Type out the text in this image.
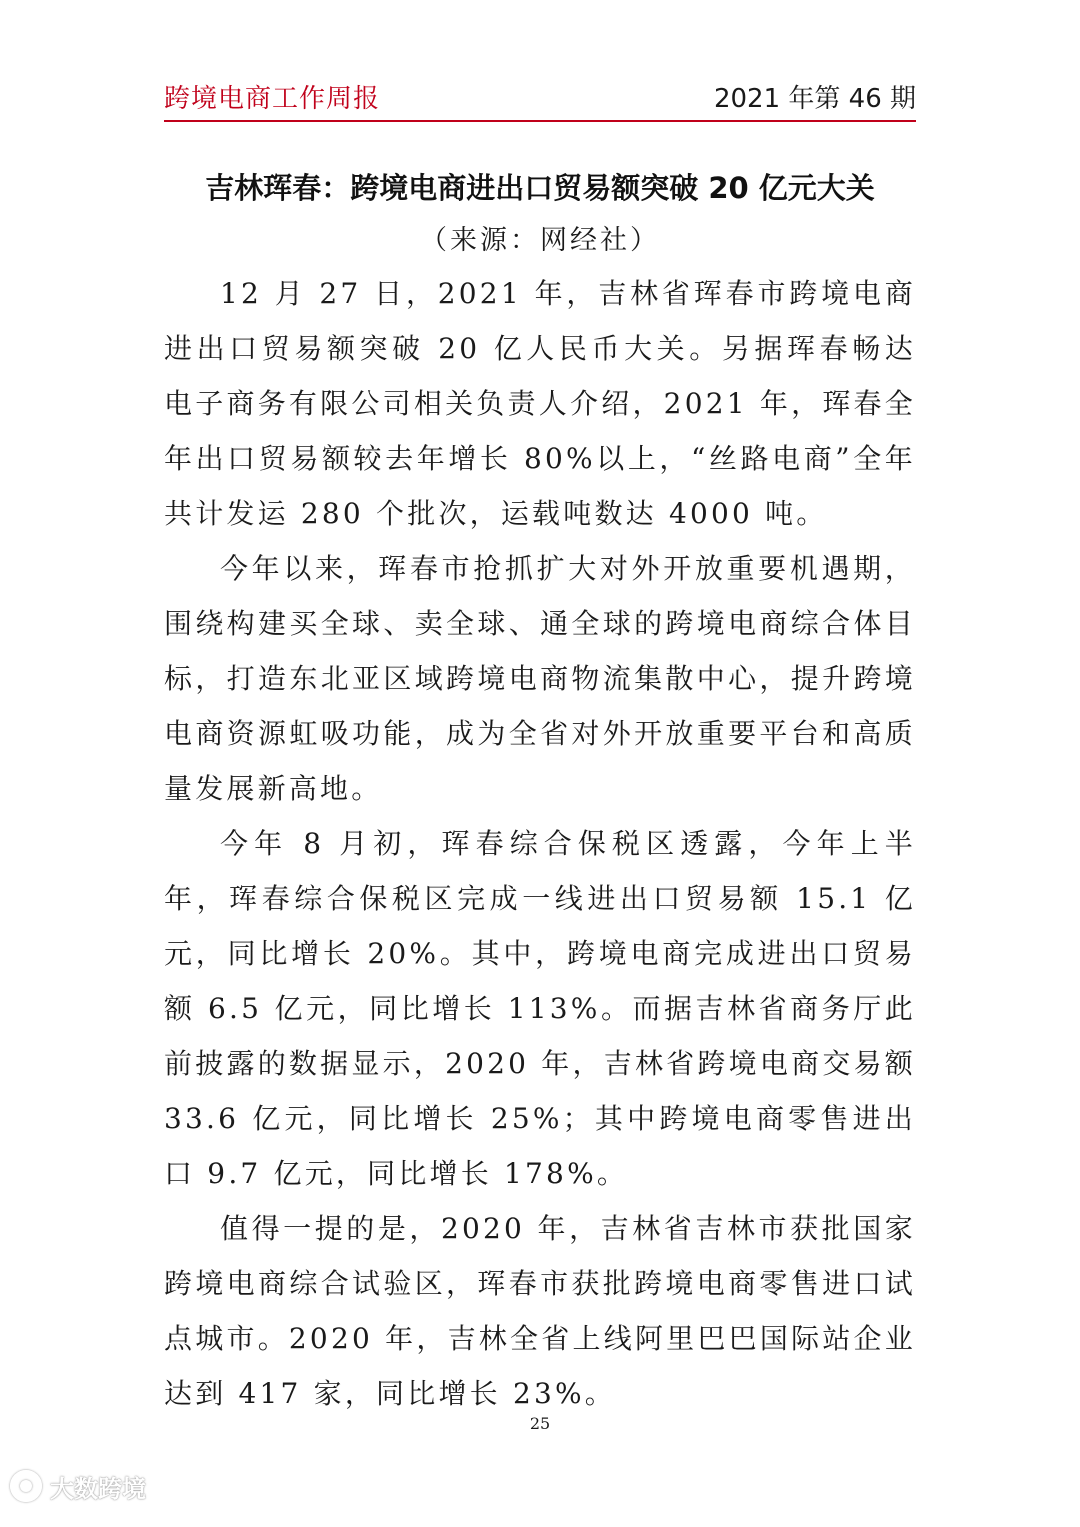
跨境电商工作周报	2021 年第 46 期
吉林珲春：跨境电商进出口贸易额突破 20 亿元大关
（来源：网经社）

12 月 27 日，2021 年，吉林省珲春市跨境电商进出口贸易额突破 20 亿人民币大关。另据珲春畅达电子商务有限公司相关负责人介绍，2021 年，珲春全年出口贸易额较去年增长 80%以上，“丝路电商”全年共计发运 280 个批次，运载吨数达 4000 吨。

今年以来，珲春市抢抓扩大对外开放重要机遇期，围绕构建买全球、卖全球、通全球的跨境电商综合体目标，打造东北亚区域跨境电商物流集散中心，提升跨境电商资源虹吸功能，成为全省对外开放重要平台和高质量发展新高地。

今年 8 月初，珲春综合保税区透露，今年上半年，珲春综合保税区完成一线进出口贸易额 15.1 亿元，同比增长 20%。其中，跨境电商完成进出口贸易额 6.5 亿元，同比增长 113%。而据吉林省商务厅此前披露的数据显示，2020 年，吉林省跨境电商交易额 33.6 亿元，同比增长 25%；其中跨境电商零售进出口 9.7 亿元，同比增长 178%。

值得一提的是，2020 年，吉林省吉林市获批国家跨境电商综合试验区，珲春市获批跨境电商零售进口试点城市。2020 年，吉林全省上线阿里巴巴国际站企业达到 417 家，同比增长 23%。

25
大数跨境
